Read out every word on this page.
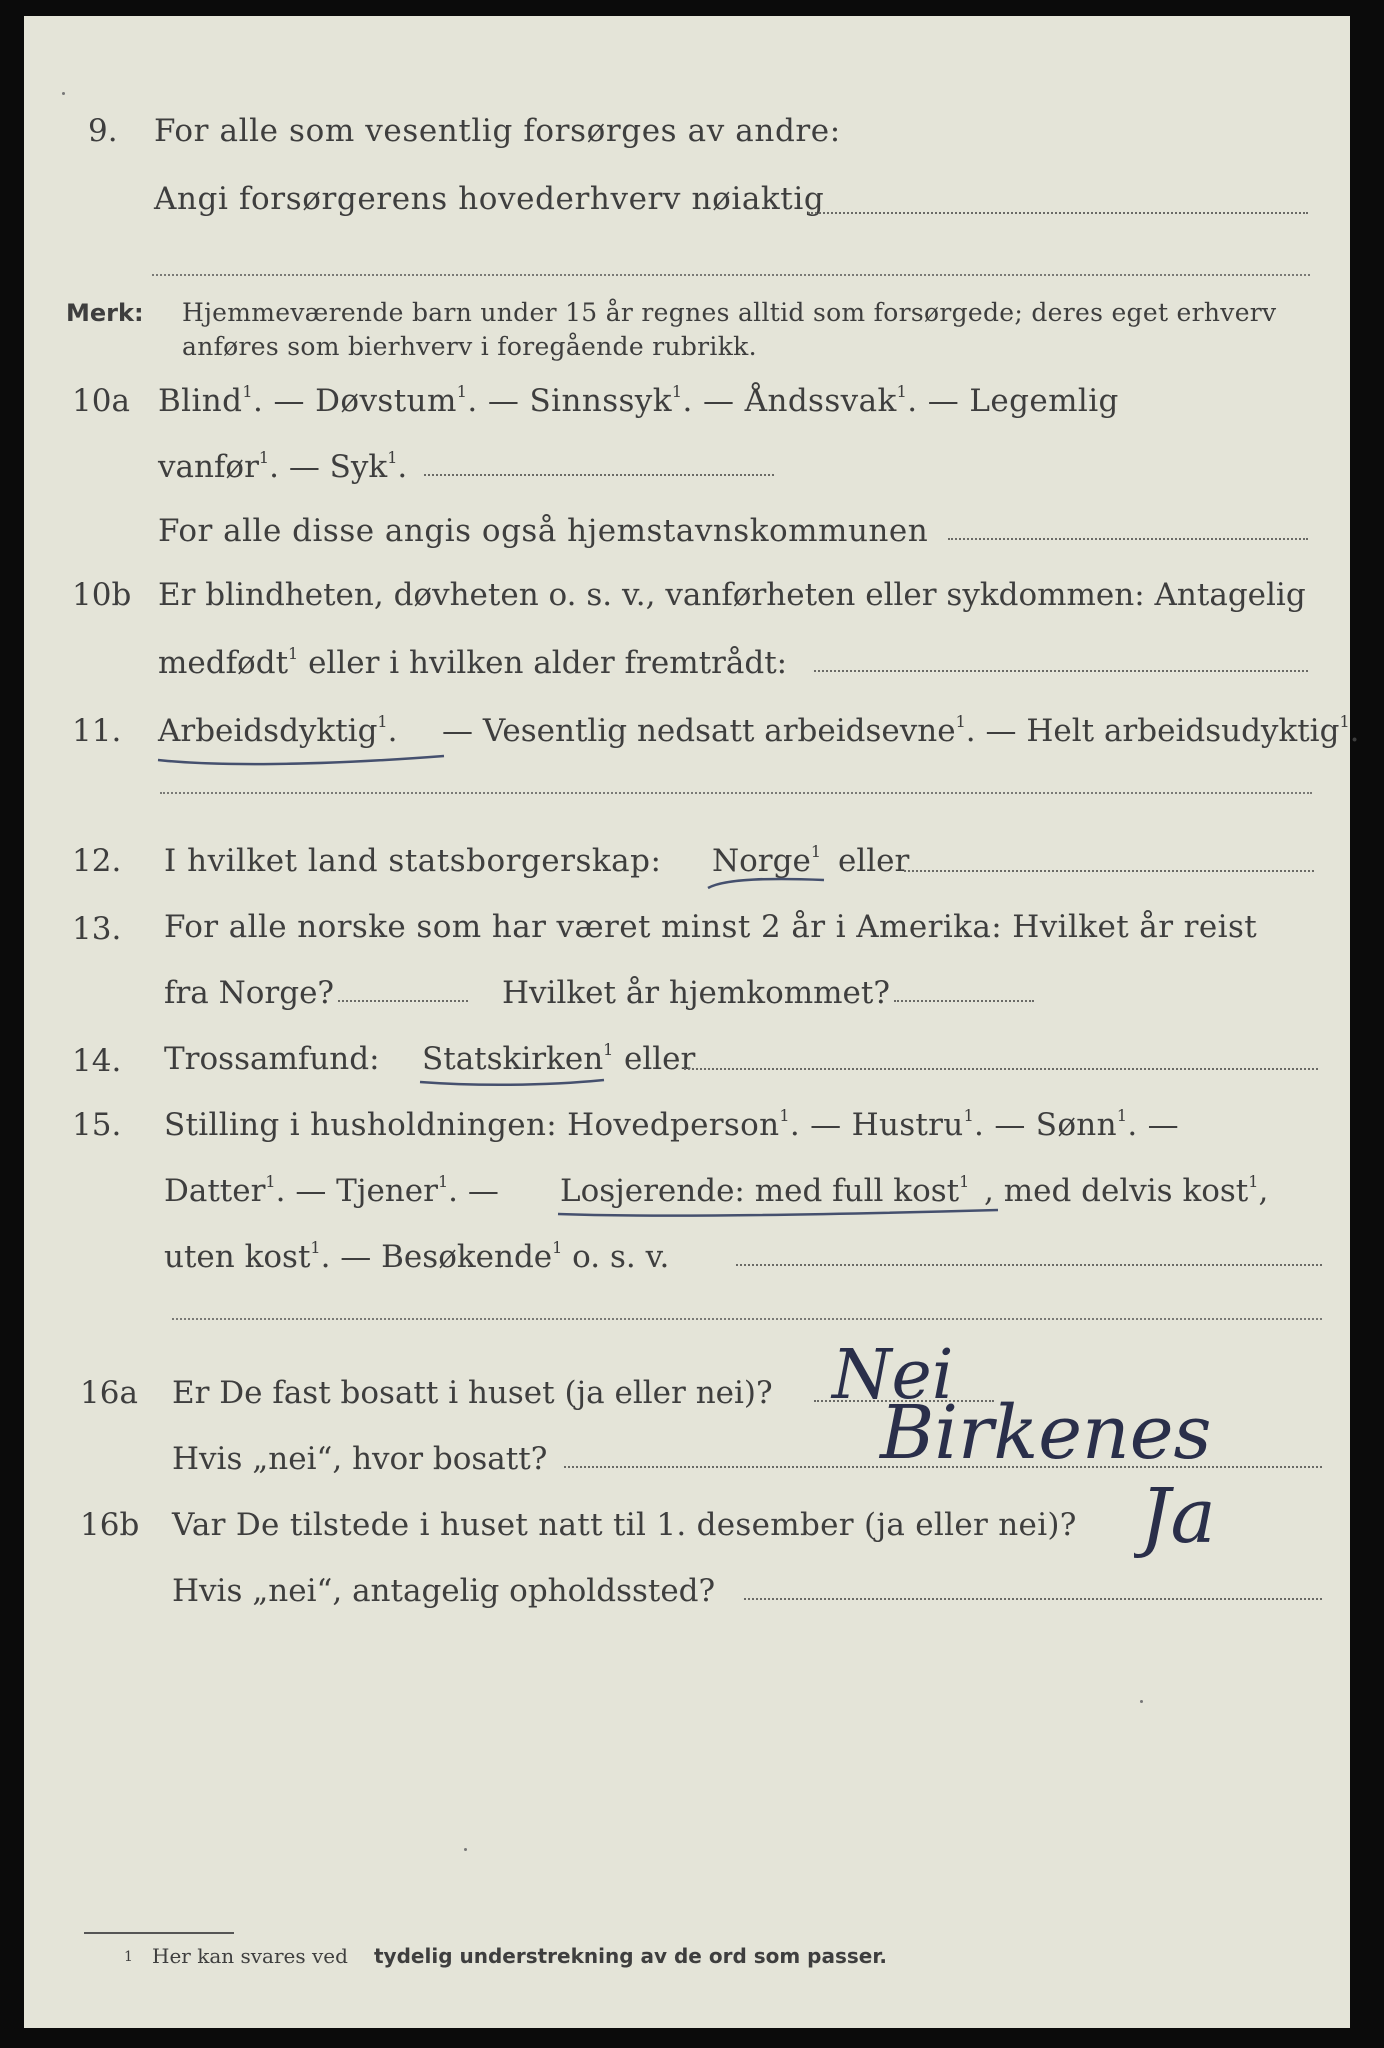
9. For alle som vesentlig forsørges av andre:
Angi forsørgerens hovederhverv nøiaktig
Merk: Hjemmeværende barn under 15 år regnes alltid som forsørgede; deres eget erhverv
anføres som bierhverv i foregående rubrikk.
10a Blind$^1$. — Døvstum$^1$. — Sinnssyk$^1$. — Åndssvak$^1$. — Legemlig
vanfør$^1$. — Syk$^1$.
For alle disse angis også hjemstavnskommunen
10b Er blindheten, døvheten o. s. v., vanførheten eller sykdommen: Antagelig
medfødt$^1$ eller i hvilken alder fremtrådt:
11. Arbeidsdyktig$^1$. — Vesentlig nedsatt arbeidsevne$^1$. — Helt arbeidsudyktig$^1$.
12. I hvilket land statsborgerskap: Norge$^1$ eller
13. For alle norske som har været minst 2 år i Amerika: Hvilket år reist
fra Norge?	Hvilket år hjemkommet?
14. Trossamfund: Statskirken$^1$ eller
15. Stilling i husholdningen: Hovedperson$^1$. — Hustru$^1$. — Sønn$^1$. —
Datter$^1$. — Tjener$^1$. — Losjerende: med full kost$^1$ , med delvis kost$^1$,
uten kost$^1$. — Besøkende$^1$ o. s. v.
16a Er De fast bosatt i huset (ja eller nei)? Nei
Hvis „nei“, hvor bosatt?	Birkenes
16b Var De tilstede i huset natt til 1. desember (ja eller nei)? Ja
Hvis „nei“, antagelig opholdssted?
1 Her kan svares ved tydelig understrekning av de ord som passer.
